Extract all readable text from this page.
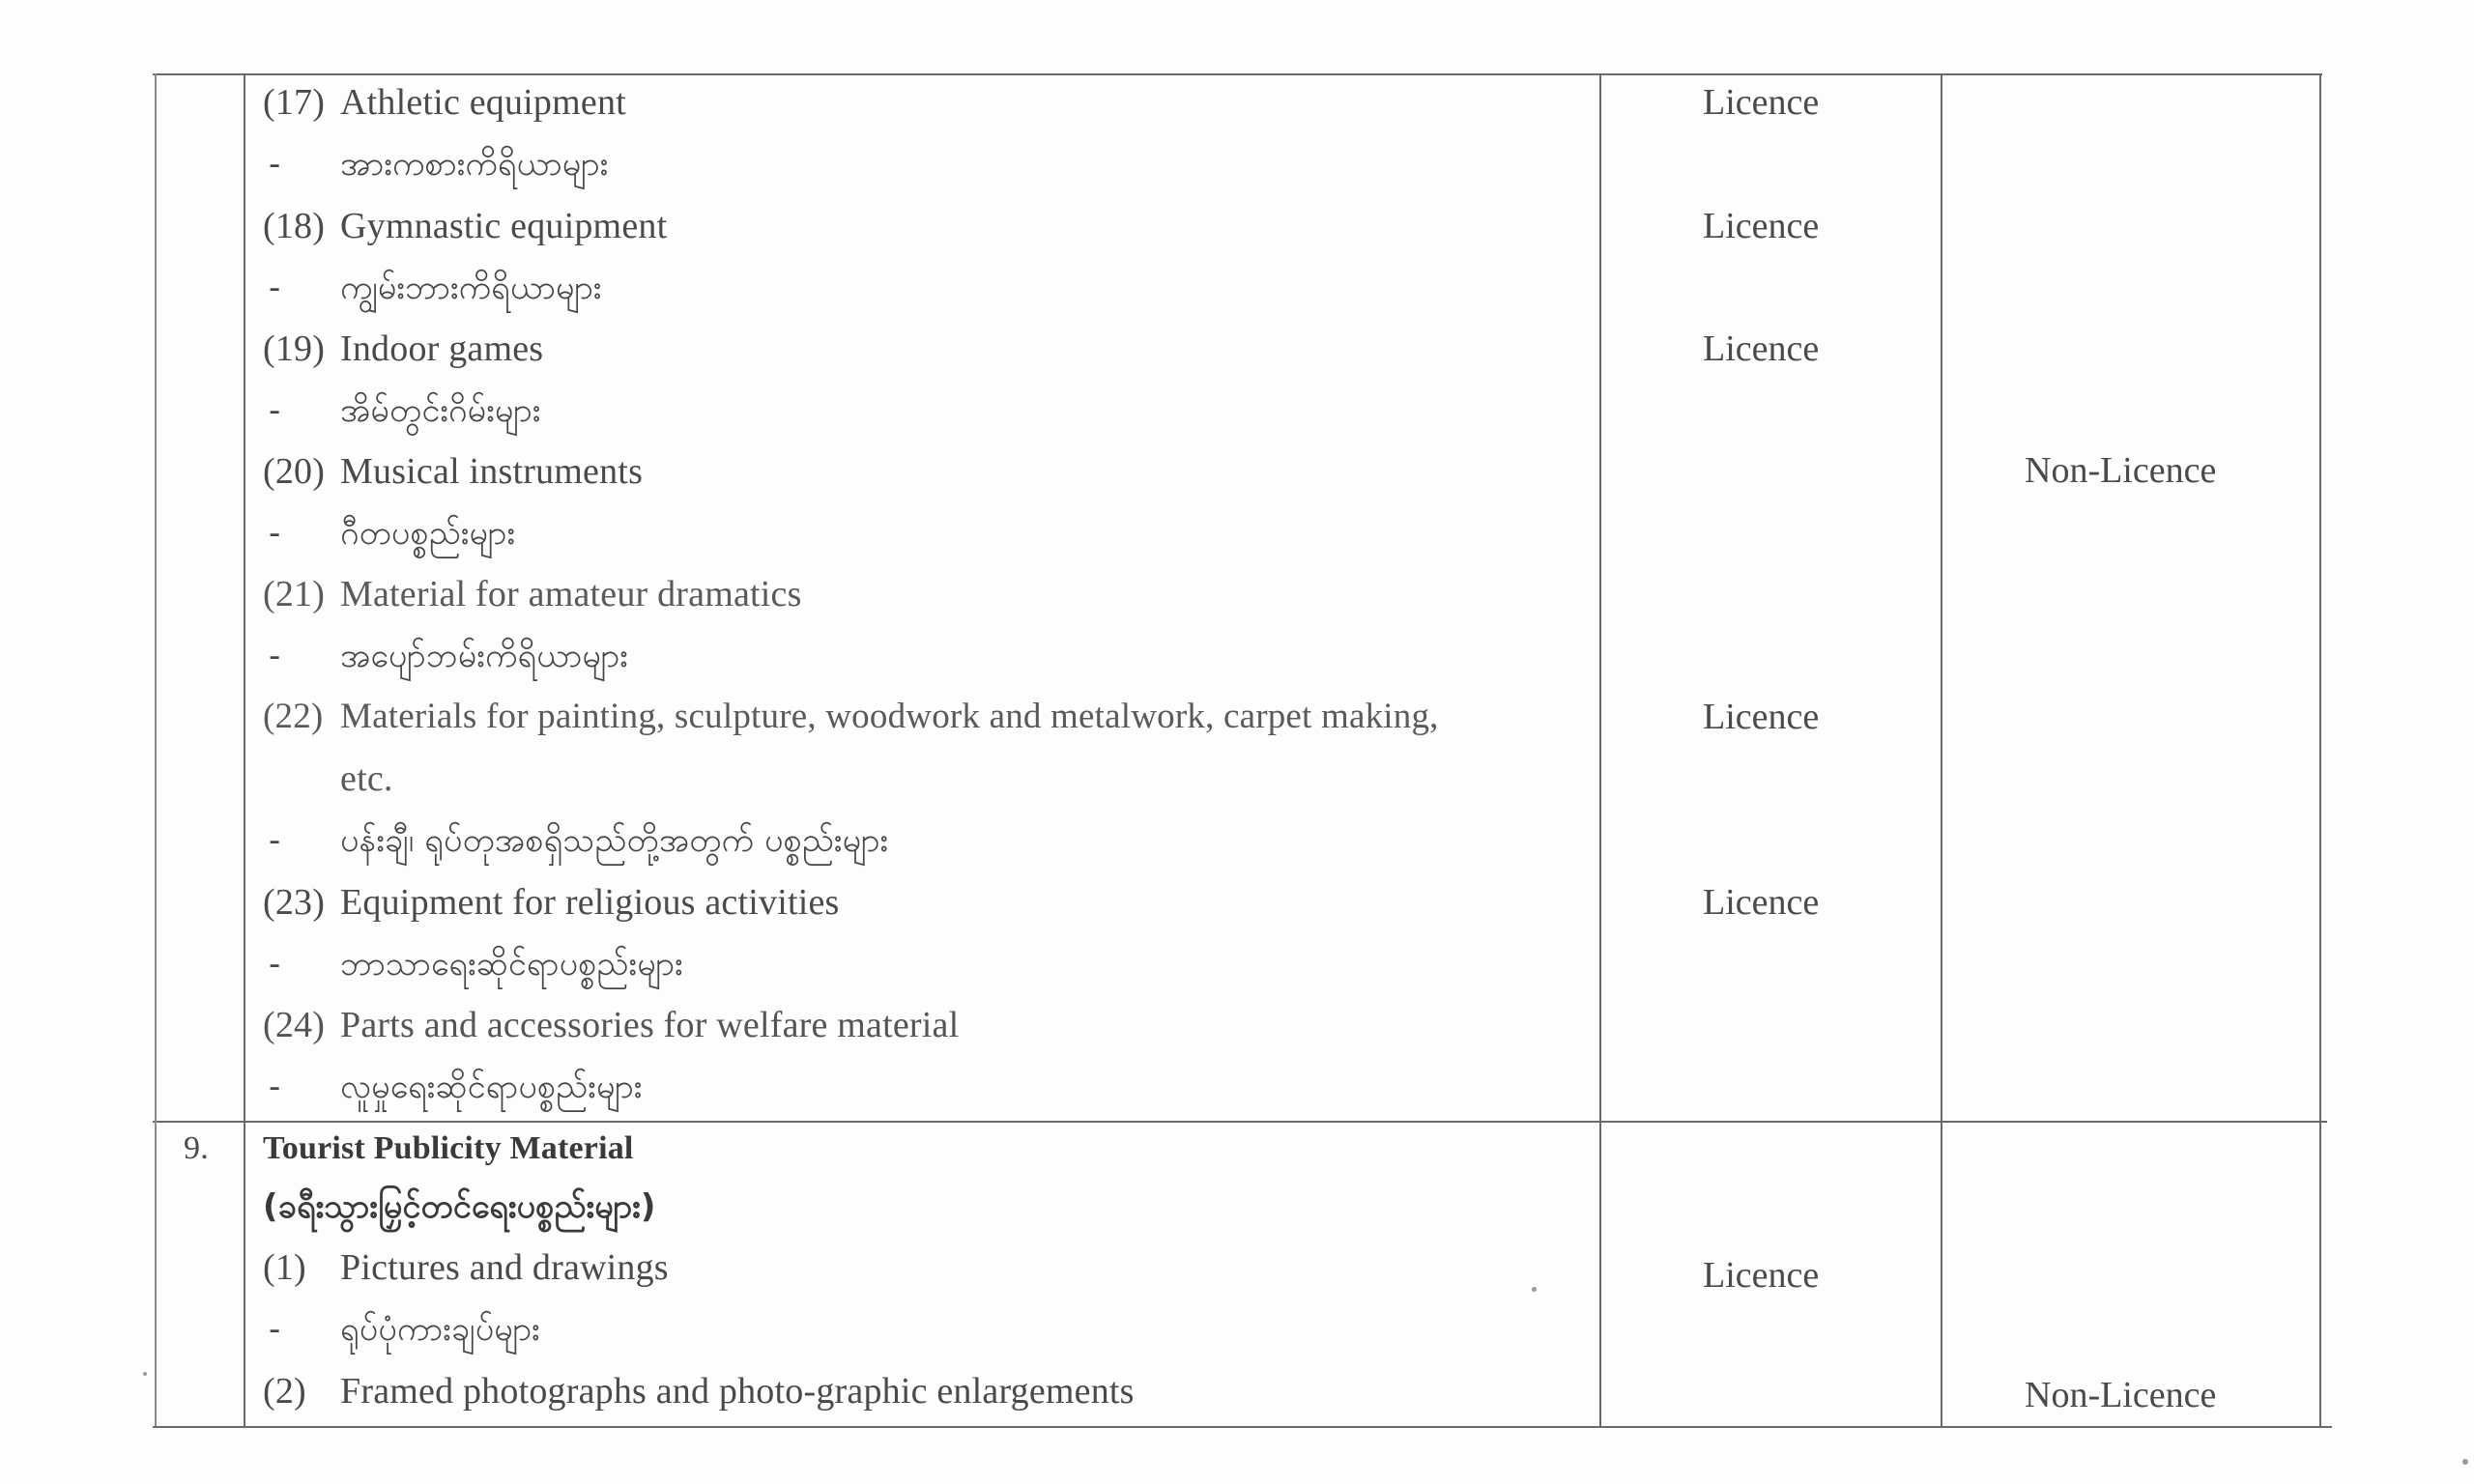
(17) Athletic equipment
- အားကစားကိရိယာများ
Licence
(18) Gymnastic equipment
- ကျွမ်းဘားကိရိယာများ
Licence
(19) Indoor games
- အိမ်တွင်းဂိမ်းများ
Licence
(20) Musical instruments
- ဂီတပစ္စည်းများ
(21) Material for amateur dramatics
- အပျော်ဘမ်းကိရိယာများ
(22) Materials for painting, sculpture, woodwork and metalwork, carpet making,
etc.
- ပန်းချီ၊ ရုပ်တုအစရှိသည်တို့အတွက် ပစ္စည်းများ
Licence
(23) Equipment for religious activities
- ဘာသာရေးဆိုင်ရာပစ္စည်းများ
Licence
(24) Parts and accessories for welfare material
- လူမှုရေးဆိုင်ရာပစ္စည်းများ
Non-Licence
9. Tourist Publicity Material
(ခရီးသွားမြှင့်တင်ရေးပစ္စည်းများ)
(1) Pictures and drawings
- ရုပ်ပုံကားချပ်များ
(2) Framed photographs and photo-graphic enlargements
Licence
Non-Licence
